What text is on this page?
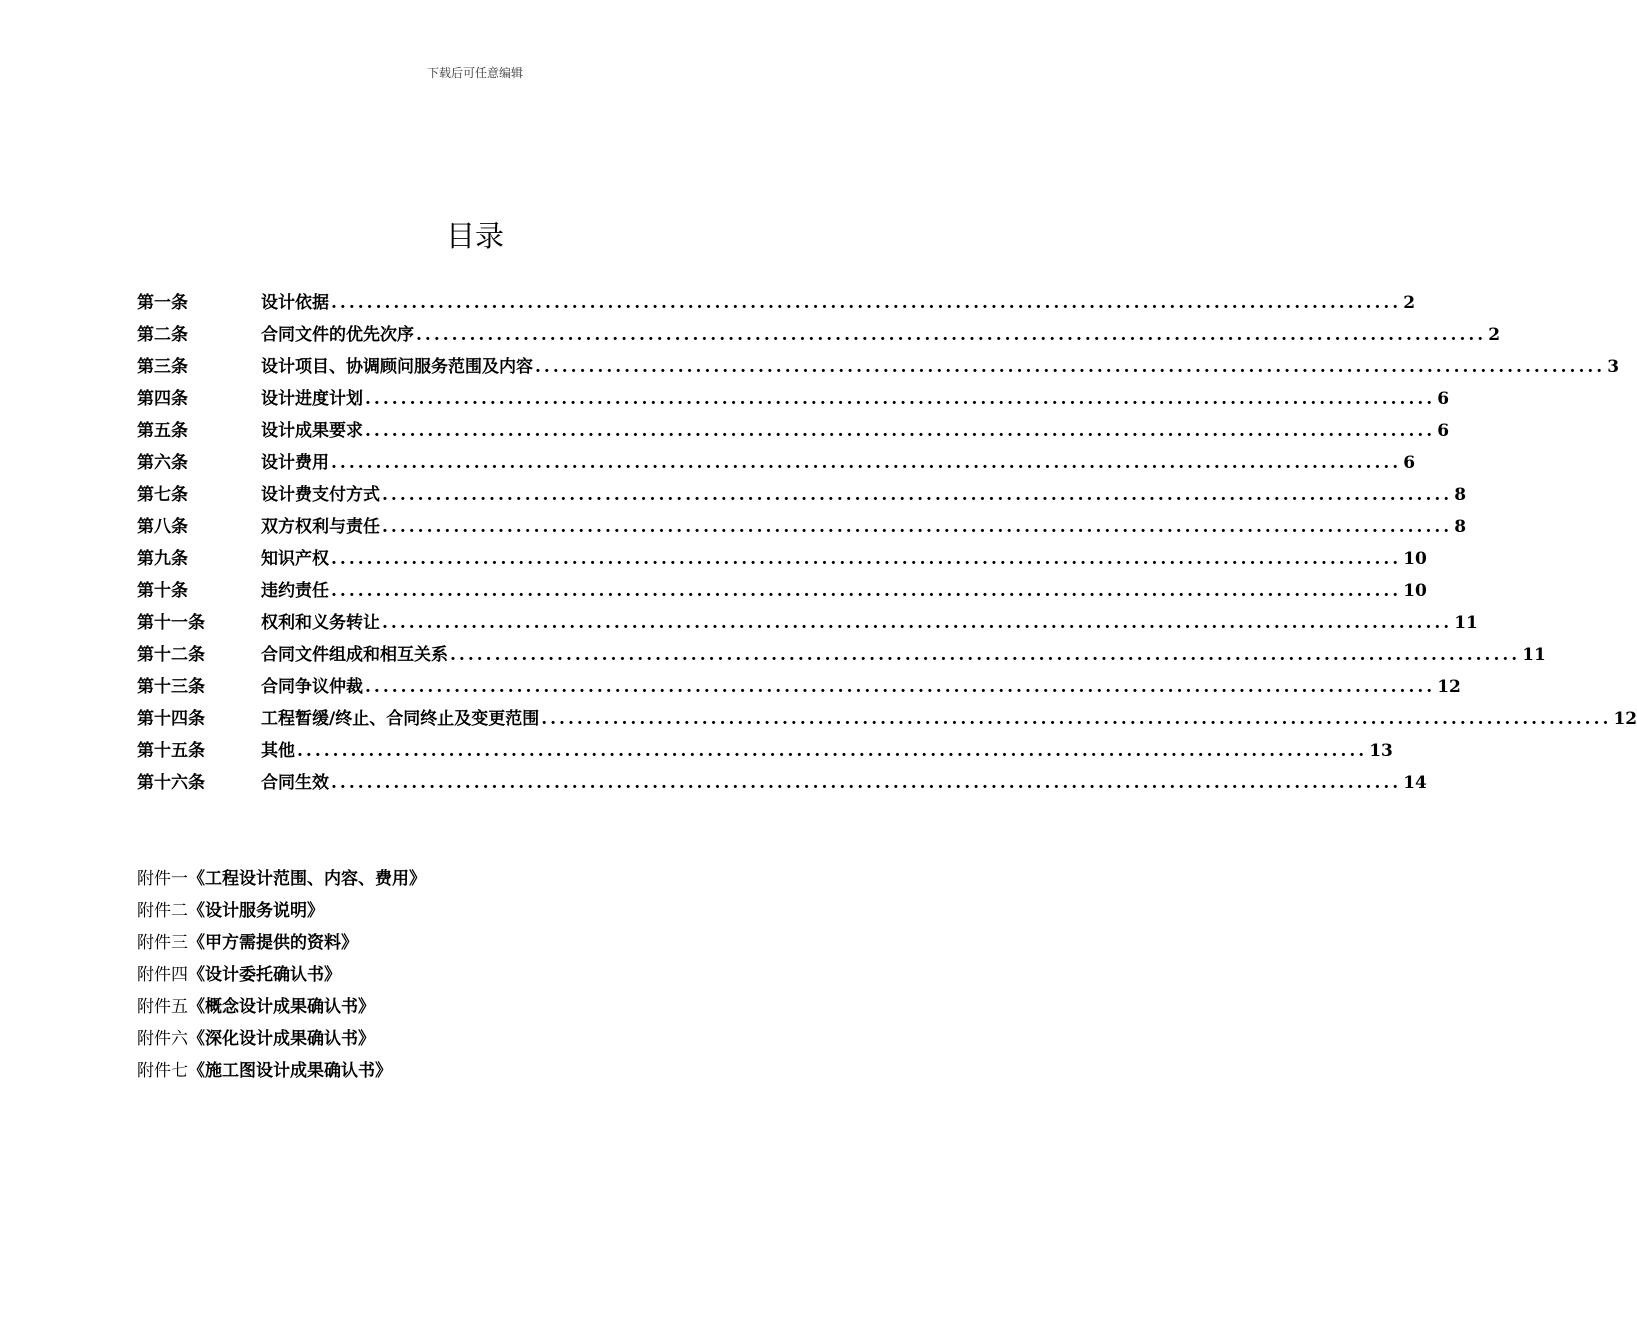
下载后可任意编辑
目录
第一条	设计依据 ........................................................................................................................ 2
第二条	合同文件的优先次序 ........................................................................................................................ 2
第三条	设计项目、协调顾问服务范围及内容 ........................................................................................................................ 3
第四条	设计进度计划 ........................................................................................................................ 6
第五条	设计成果要求 ........................................................................................................................ 6
第六条	设计费用 ........................................................................................................................ 6
第七条	设计费支付方式 ........................................................................................................................ 8
第八条	双方权利与责任 ........................................................................................................................ 8
第九条	知识产权 ........................................................................................................................ 10
第十条	违约责任 ........................................................................................................................ 10
第十一条	权利和义务转让 ........................................................................................................................ 11
第十二条	合同文件组成和相互关系 ........................................................................................................................ 11
第十三条	合同争议仲裁 ........................................................................................................................ 12
第十四条	工程暂缓/终止、合同终止及变更范围 ........................................................................................................................ 12
第十五条	其他 ........................................................................................................................ 13
第十六条	合同生效 ........................................................................................................................ 14
附件一《工程设计范围、内容、费用》
附件二《设计服务说明》
附件三《甲方需提供的资料》
附件四《设计委托确认书》
附件五《概念设计成果确认书》
附件六《深化设计成果确认书》
附件七《施工图设计成果确认书》
